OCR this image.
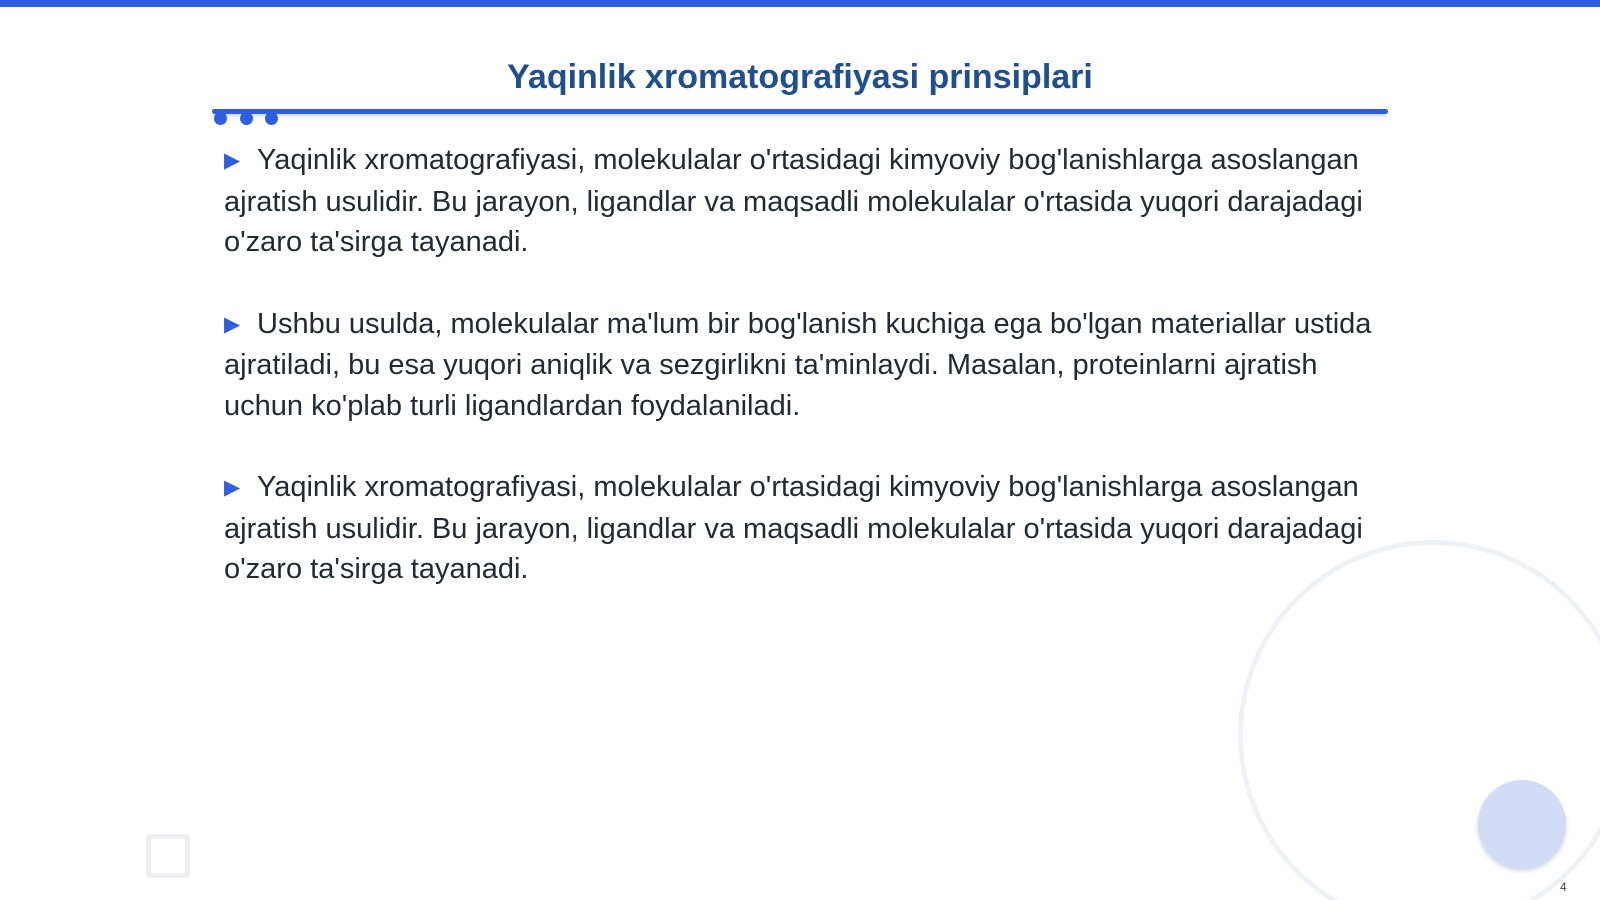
Yaqinlik xromatografiyasi prinsiplari

▶ Yaqinlik xromatografiyasi, molekulalar o'rtasidagi kimyoviy bog'lanishlarga asoslangan ajratish usulidir. Bu jarayon, ligandlar va maqsadli molekulalar o'rtasida yuqori darajadagi o'zaro ta'sirga tayanadi.

▶ Ushbu usulda, molekulalar ma'lum bir bog'lanish kuchiga ega bo'lgan materiallar ustida ajratiladi, bu esa yuqori aniqlik va sezgirlikni ta'minlaydi. Masalan, proteinlarni ajratish uchun ko'plab turli ligandlardan foydalaniladi.

▶ Yaqinlik xromatografiyasi, molekulalar o'rtasidagi kimyoviy bog'lanishlarga asoslangan ajratish usulidir. Bu jarayon, ligandlar va maqsadli molekulalar o'rtasida yuqori darajadagi o'zaro ta'sirga tayanadi.

4
